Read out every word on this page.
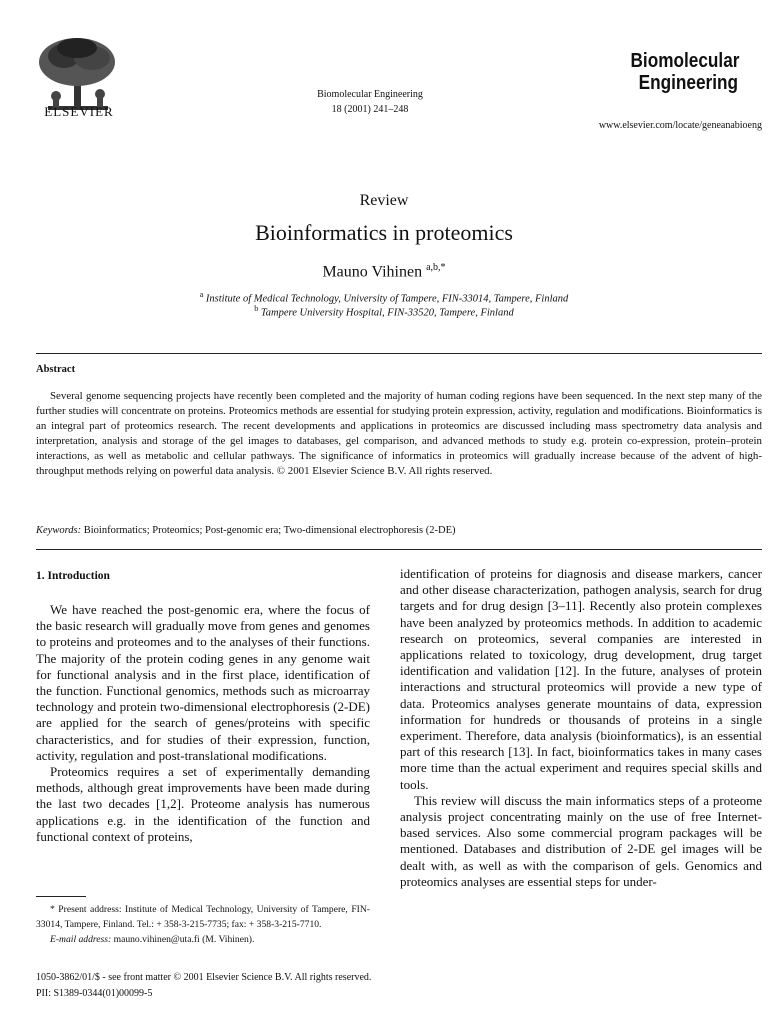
ELSEVIER
Biomolecular Engineering
18 (2001) 241–248
Biomolecular
Engineering
www.elsevier.com/locate/geneanabioeng
Review
Bioinformatics in proteomics
Mauno Vihinen $^{a,b,*}$
$^a$ Institute of Medical Technology, University of Tampere, FIN-33014, Tampere, Finland
$^b$ Tampere University Hospital, FIN-33520, Tampere, Finland
Abstract
Several genome sequencing projects have recently been completed and the majority of human coding regions have been sequenced. In the next step many of the further studies will concentrate on proteins. Proteomics methods are essential for studying protein expression, activity, regulation and modifications. Bioinformatics is an integral part of proteomics research. The recent developments and applications in proteomics are discussed including mass spectrometry data analysis and interpretation, analysis and storage of the gel images to databases, gel comparison, and advanced methods to study e.g. protein co-expression, protein–protein interactions, as well as metabolic and cellular pathways. The significance of informatics in proteomics will gradually increase because of the advent of high-throughput methods relying on powerful data analysis. © 2001 Elsevier Science B.V. All rights reserved.
Keywords: Bioinformatics; Proteomics; Post-genomic era; Two-dimensional electrophoresis (2-DE)
1. Introduction

We have reached the post-genomic era, where the focus of the basic research will gradually move from genes and genomes to proteins and proteomes and to the analyses of their functions. The majority of the protein coding genes in any genome wait for functional analysis and in the first place, identification of the function. Functional genomics, methods such as microarray technology and protein two-dimensional electrophoresis (2-DE) are applied for the search of genes/proteins with specific characteristics, and for studies of their expression, function, activity, regulation and post-translational modifications.

Proteomics requires a set of experimentally demanding methods, although great improvements have been made during the last two decades [1,2]. Proteome analysis has numerous applications e.g. in the identification of the function and functional context of proteins,

identification of proteins for diagnosis and disease markers, cancer and other disease characterization, pathogen analysis, search for drug targets and for drug design [3–11]. Recently also protein complexes have been analyzed by proteomics methods. In addition to academic research on proteomics, several companies are interested in applications related to toxicology, drug development, drug target identification and validation [12]. In the future, analyses of protein interactions and structural proteomics will provide a new type of data. Proteomics analyses generate mountains of data, expression information for hundreds or thousands of proteins in a single experiment. Therefore, data analysis (bioinformatics), is an essential part of this research [13]. In fact, bioinformatics takes in many cases more time than the actual experiment and requires special skills and tools.

This review will discuss the main informatics steps of a proteome analysis project concentrating mainly on the use of free Internet-based services. Also some commercial program packages will be mentioned. Databases and distribution of 2-DE gel images will be dealt with, as well as with the comparison of gels. Genomics and proteomics analyses are essential steps for under-

* Present address: Institute of Medical Technology, University of Tampere, FIN-33014, Tampere, Finland. Tel.: + 358-3-215-7735; fax: + 358-3-215-7710.
E-mail address: mauno.vihinen@uta.fi (M. Vihinen).
1050-3862/01/$ - see front matter © 2001 Elsevier Science B.V. All rights reserved.
PII: S1389-0344(01)00099-5
